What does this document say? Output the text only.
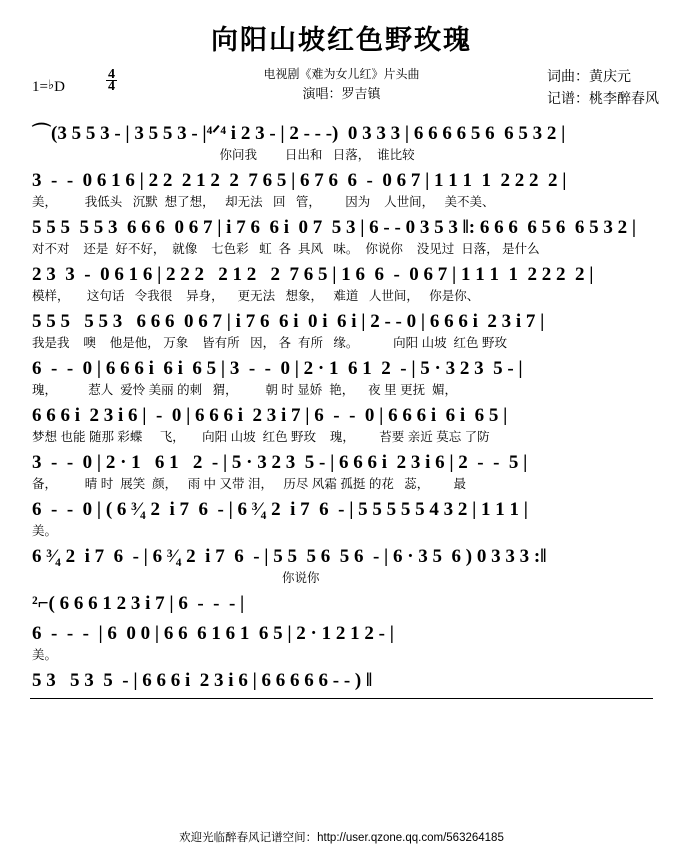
向阳山坡红色野玫瑰
1=♭D	$\frac{4}{4}$	电视剧《难为女儿红》片头曲
演唱：罗吉镇
词曲：黄庆元
记谱：桃李醉春风
⌒(3 5 5 3 - | 3 5 5 3 - |⁴ᐟ⁴ i 2 3 - | 2 - - -)  0 3 3 3 | 6 6 6 6 5 6  6 5 3 2 |
你问我        日出和   日落，  谁比较
3  -  -  0 6 1 6 | 2 2  2 1 2  2  7 6 5 | 6 7 6  6  -  0 6 7 | 1 1 1  1  2 2 2  2 |
美，        我低头   沉默  想了想，   却无法   回   管，       因为    人世间，   美不美、
5 5 5  5 5 3  6 6 6  0 6 7 | i 7 6  6 i  0 7  5 3 | 6 - - 0 3 5 3 ‖: 6 6 6  6 5 6  6 5 3 2 |
对不对    还是  好不好，  就像    七色彩   虹  各  具风   味。  你说你    没见过  日落， 是什么
2 3  3  -  0 6 1 6 | 2 2 2   2 1 2   2  7 6 5 | 1 6  6  -  0 6 7 | 1 1 1  1  2 2 2  2 |
模样，     这句话   令我很    异身，    更无法   想象，   难道   人世间，   你是你、
5 5 5   5 5 3   6 6 6  0 6 7 | i 7 6  6 i  0 i  6 i | 2 - - 0 | 6 6 6 i  2 3 i 7 |
我是我    噢    他是他， 万象    皆有所   因， 各  有所   缘。          向阳 山坡  红色 野玫
6  -  -  0 | 6 6 6 i  6 i  6 5 | 3  -  -  0 | 2 · 1  6 1  2  - | 5 · 3 2 3  5 - |
瑰，         惹人  爱怜 美丽 的刺   猬，        朝 时 显娇  艳，    夜 里 更抚  媚，
6 6 6 i  2 3 i 6 |  -  0 | 6 6 6 i  2 3 i 7 | 6  -  -  0 | 6 6 6 i  6 i  6 5 |
梦想 也能 随那 彩蝶     飞，     向阳 山坡  红色 野玫    瑰，       苔要 亲近 莫忘 了防
3  -  -  0 | 2 · 1   6 1   2  - | 5 · 3 2 3  5 - | 6 6 6 i  2 3 i 6 | 2  -  -  5 |
备，        晴 时  展笑  颜，   雨 中 又带 泪，   历尽 风霜 孤挺 的花   蕊，       最
6  -  -  0 | ( 6 ³⁄₄ 2  i 7  6  - | 6 ³⁄₄ 2  i 7  6  - | 5 5 5 5 5 4 3 2 | 1 1 1 |
美。
6 ³⁄₄ 2  i 7  6  - | 6 ³⁄₄ 2  i 7  6  - | 5 5  5 6  5 6  - | 6 · 3 5  6 ) 0 3 3 3 :‖
你说你
²⌐( 6 6 6 1 2 3 i 7 | 6  -  -  - |
6  -  -  -  | 6  0 0 | 6 6  6 1 6 1  6 5 | 2 · 1 2 1 2 - |
美。
5 3   5 3  5  - | 6 6 6 i  2 3 i 6 | 6 6 6 6 6 - - ) ‖
欢迎光临醉春风记谱空间：http://user.qzone.qq.com/563264185
